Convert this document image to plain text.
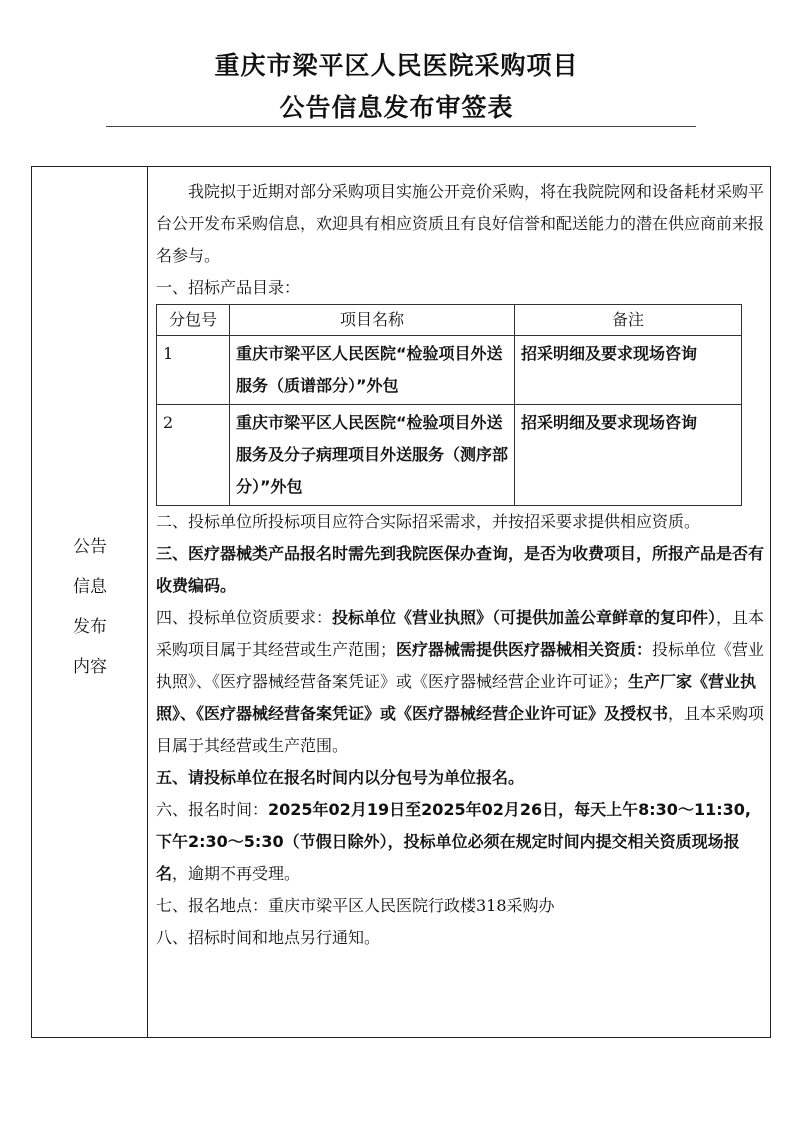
重庆市梁平区人民医院采购项目
公告信息发布审签表
公告
信息
发布
内容

我院拟于近期对部分采购项目实施公开竞价采购，将在我院院网和设备耗材采购平台公开发布采购信息，欢迎具有相应资质且有良好信誉和配送能力的潜在供应商前来报名参与。

一、招标产品目录：

分包号	项目名称	备注
1	重庆市梁平区人民医院“检验项目外送服务（质谱部分）”外包	招采明细及要求现场咨询
2	重庆市梁平区人民医院“检验项目外送服务及分子病理项目外送服务（测序部分）”外包	招采明细及要求现场咨询

二、投标单位所投标项目应符合实际招采需求，并按招采要求提供相应资质。

三、医疗器械类产品报名时需先到我院医保办查询，是否为收费项目，所报产品是否有收费编码。

四、投标单位资质要求：投标单位《营业执照》（可提供加盖公章鲜章的复印件），且本采购项目属于其经营或生产范围；医疗器械需提供医疗器械相关资质：投标单位《营业执照》、《医疗器械经营备案凭证》或《医疗器械经营企业许可证》；生产厂家《营业执照》、《医疗器械经营备案凭证》或《医疗器械经营企业许可证》及授权书，且本采购项目属于其经营或生产范围。

五、请投标单位在报名时间内以分包号为单位报名。

六、报名时间：2025年02月19日至2025年02月26日，每天上午8:30～11:30,下午2:30～5:30（节假日除外），投标单位必须在规定时间内提交相关资质现场报名，逾期不再受理。

七、报名地点：重庆市梁平区人民医院行政楼318采购办

八、招标时间和地点另行通知。
